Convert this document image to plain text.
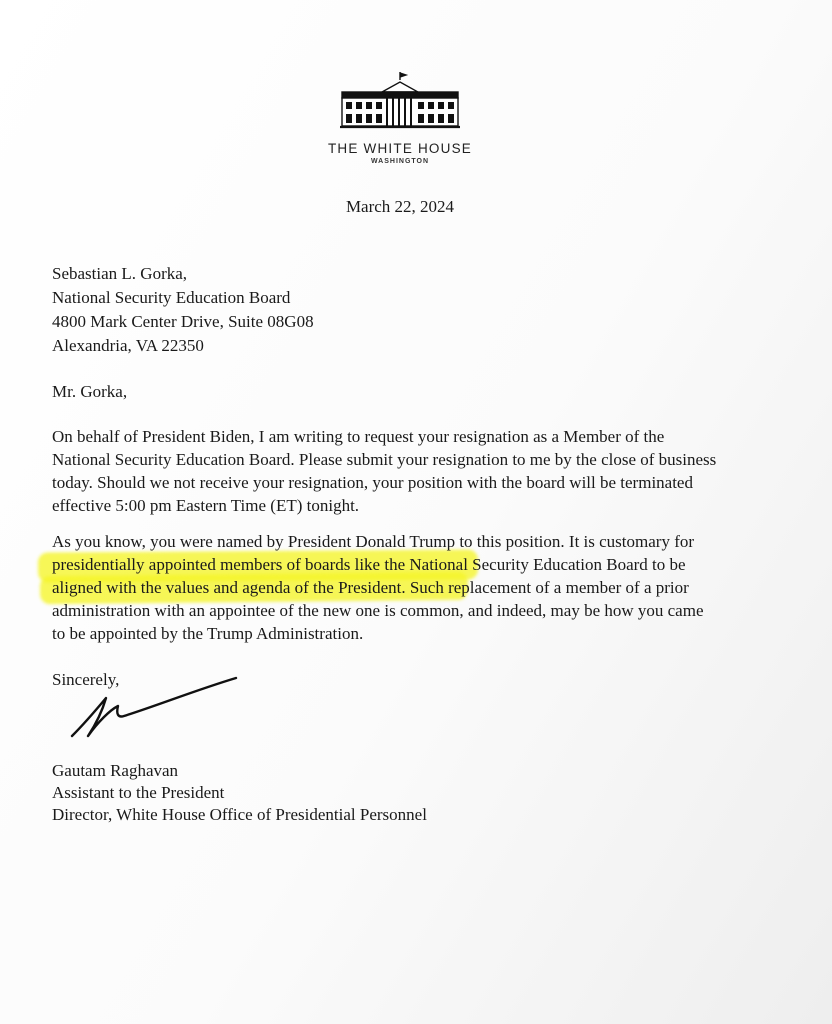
THE WHITE HOUSE
WASHINGTON
March 22, 2024
Sebastian L. Gorka,
National Security Education Board
4800 Mark Center Drive, Suite 08G08
Alexandria, VA 22350
Mr. Gorka,
On behalf of President Biden, I am writing to request your resignation as a Member of the
National Security Education Board. Please submit your resignation to me by the close of business
today. Should we not receive your resignation, your position with the board will be terminated
effective 5:00 pm Eastern Time (ET) tonight.
As you know, you were named by President Donald Trump to this position. It is customary for
presidentially appointed members of boards like the National Security Education Board to be
aligned with the values and agenda of the President. Such replacement of a member of a prior
administration with an appointee of the new one is common, and indeed, may be how you came
to be appointed by the Trump Administration.
Sincerely,
Gautam Raghavan
Assistant to the President
Director, White House Office of Presidential Personnel
